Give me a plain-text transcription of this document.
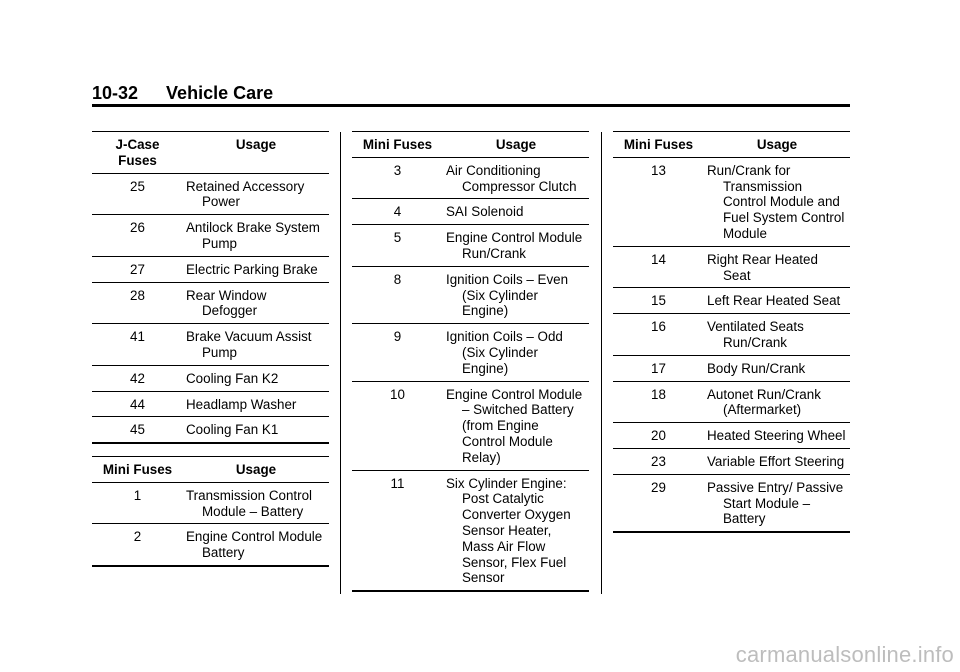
10-32 Vehicle Care
J-Case Fuses	Usage
25	Retained Accessory Power

26	Antilock Brake System Pump

27	Electric Parking Brake

28	Rear Window Defogger

41	Brake Vacuum Assist Pump

42	Cooling Fan K2

44	Headlamp Washer

45	Cooling Fan K1
Mini Fuses	Usage
1	Transmission Control Module – Battery

2	Engine Control Module Battery
Mini Fuses	Usage
3	Air Conditioning Compressor Clutch

4	SAI Solenoid

5	Engine Control Module Run/Crank

8	Ignition Coils – Even (Six Cylinder Engine)

9	Ignition Coils – Odd (Six Cylinder Engine)

10	Engine Control Module – Switched Battery (from Engine Control Module Relay)

11	Six Cylinder Engine: Post Catalytic Converter Oxygen Sensor Heater, Mass Air Flow Sensor, Flex Fuel Sensor
Mini Fuses	Usage
13	Run/Crank for Transmission Control Module and Fuel System Control Module

14	Right Rear Heated Seat

15	Left Rear Heated Seat

16	Ventilated Seats Run/Crank

17	Body Run/Crank

18	Autonet Run/Crank (Aftermarket)

20	Heated Steering Wheel

23	Variable Effort Steering

29	Passive Entry/ Passive Start Module – Battery
carmanualsonline.info
